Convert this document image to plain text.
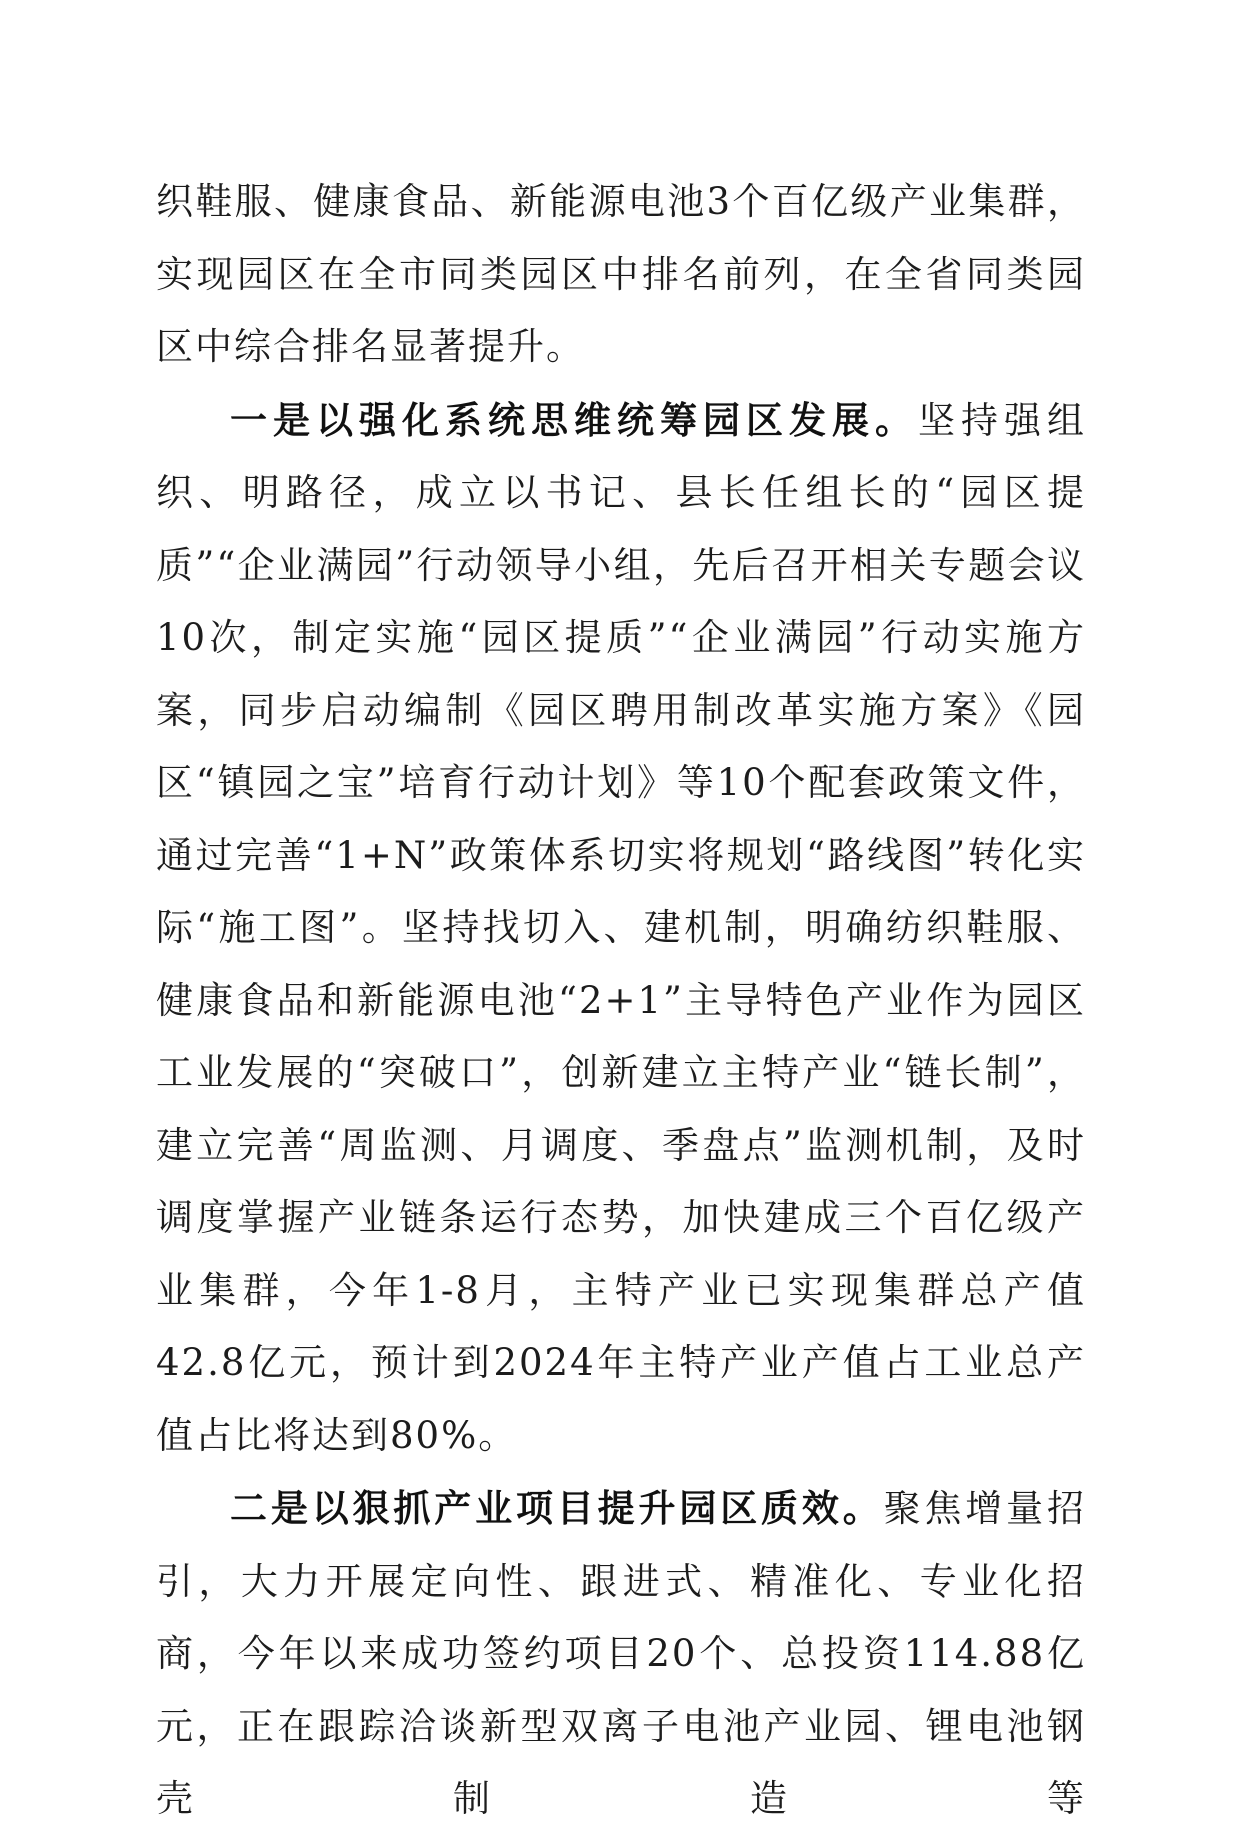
织鞋服、健康食品、新能源电池3个百亿级产业集群，实现园区在全市同类园区中排名前列，在全省同类园区中综合排名显著提升。

一是以强化系统思维统筹园区发展。坚持强组织、明路径，成立以书记、县长任组长的“园区提质”“企业满园”行动领导小组，先后召开相关专题会议10次，制定实施“园区提质”“企业满园”行动实施方案，同步启动编制《园区聘用制改革实施方案》《园区“镇园之宝”培育行动计划》等10个配套政策文件，通过完善“1+N”政策体系切实将规划“路线图”转化实际“施工图”。坚持找切入、建机制，明确纺织鞋服、健康食品和新能源电池“2+1”主导特色产业作为园区工业发展的“突破口”，创新建立主特产业“链长制”，建立完善“周监测、月调度、季盘点”监测机制，及时调度掌握产业链条运行态势，加快建成三个百亿级产业集群，今年1-8月，主特产业已实现集群总产值42.8亿元，预计到2024年主特产业产值占工业总产值占比将达到80%。

二是以狠抓产业项目提升园区质效。聚焦增量招引，大力开展定向性、跟进式、精准化、专业化招商，今年以来成功签约项目20个、总投资114.88亿元，正在跟踪洽谈新型双离子电池产业园、锂电池钢壳制造等
